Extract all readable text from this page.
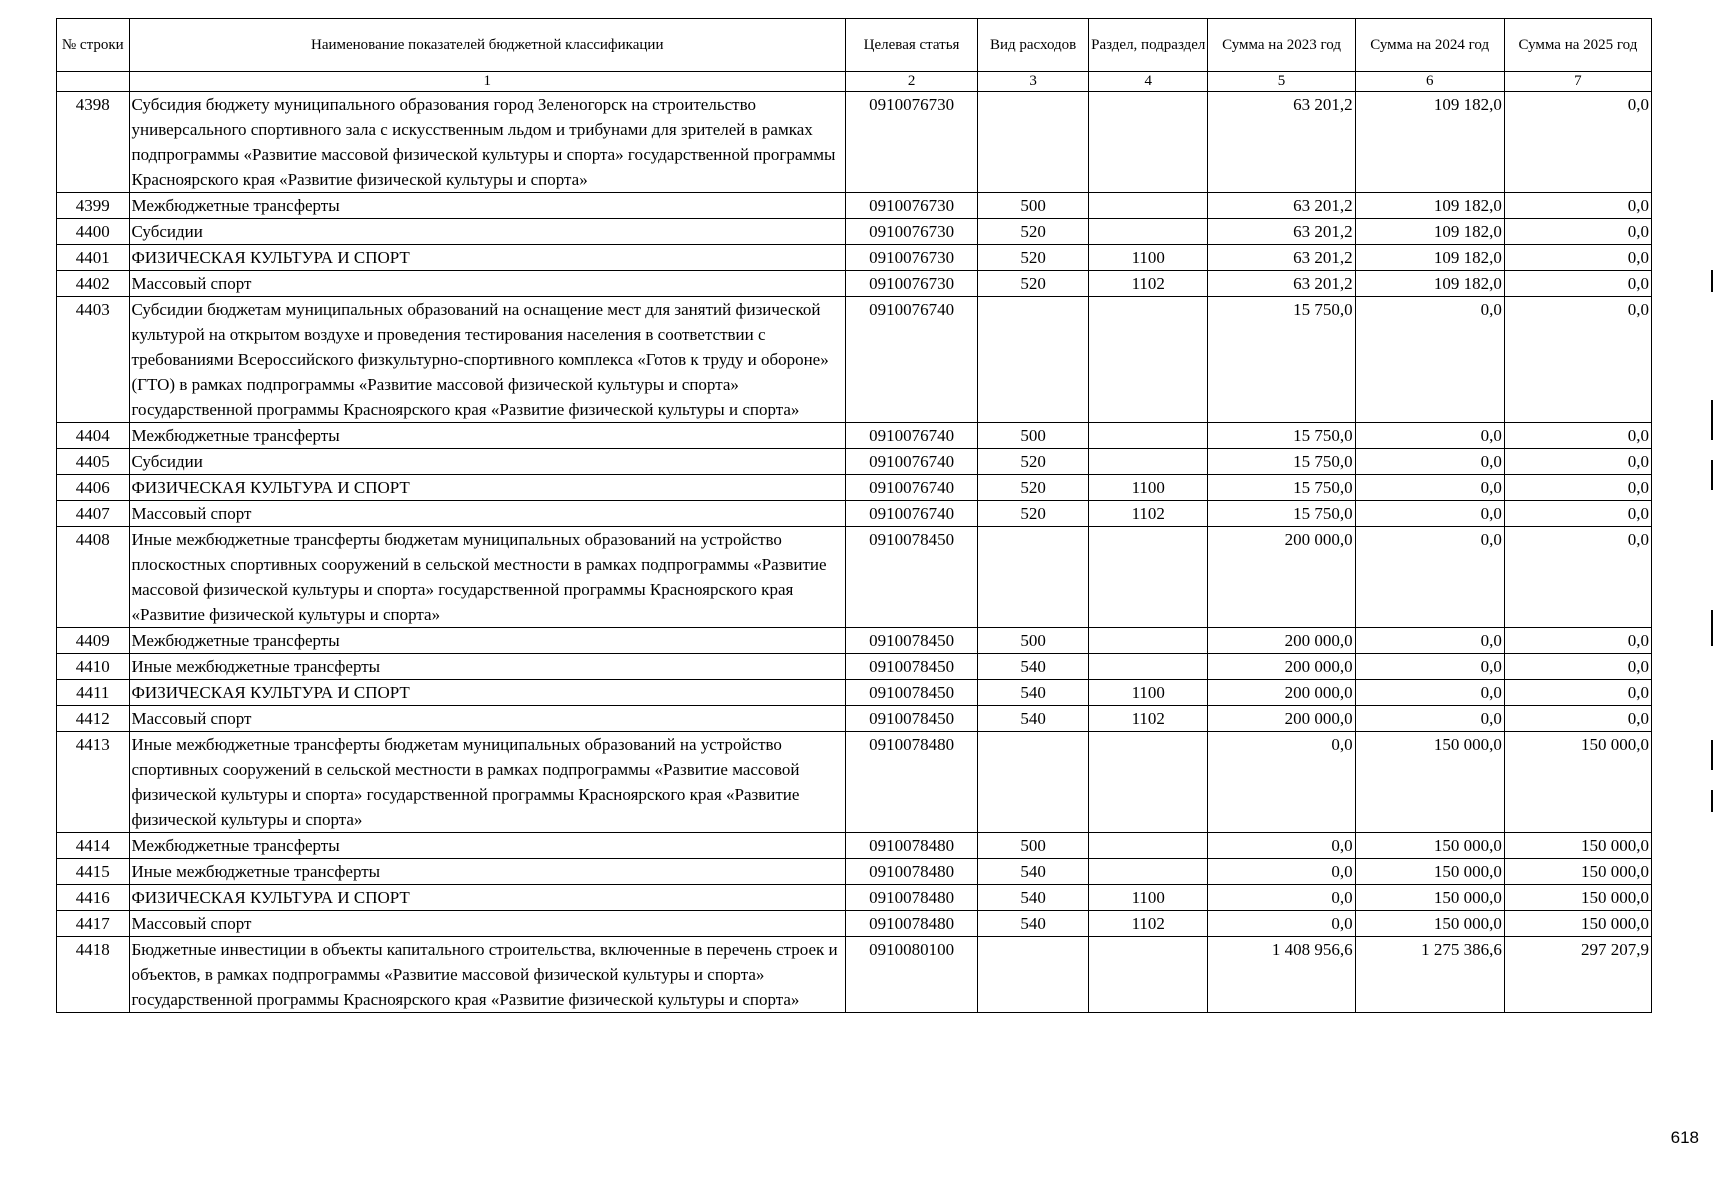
№ строки	Наименование показателей бюджетной классификации	Целевая статья	Вид расходов	Раздел, подраздел	Сумма на 2023 год	Сумма на 2024 год	Сумма на 2025 год
	1	2	3	4	5	6	7
4398	Субсидия бюджету муниципального образования город Зеленогорск на строительство универсального спортивного зала с искусственным льдом и трибунами для зрителей в рамках подпрограммы «Развитие массовой физической культуры и спорта» государственной программы Красноярского края «Развитие физической культуры и спорта»	0910076730			63 201,2	109 182,0	0,0
4399	Межбюджетные трансферты	0910076730	500		63 201,2	109 182,0	0,0
4400	Субсидии	0910076730	520		63 201,2	109 182,0	0,0
4401	ФИЗИЧЕСКАЯ КУЛЬТУРА И СПОРТ	0910076730	520	1100	63 201,2	109 182,0	0,0
4402	Массовый спорт	0910076730	520	1102	63 201,2	109 182,0	0,0
4403	Субсидии бюджетам муниципальных образований на оснащение мест для занятий физической культурой на открытом воздухе и проведения тестирования населения в соответствии с требованиями Всероссийского физкультурно-спортивного комплекса «Готов к труду и обороне» (ГТО) в рамках подпрограммы «Развитие массовой физической культуры и спорта» государственной программы Красноярского края «Развитие физической культуры и спорта»	0910076740			15 750,0	0,0	0,0
4404	Межбюджетные трансферты	0910076740	500		15 750,0	0,0	0,0
4405	Субсидии	0910076740	520		15 750,0	0,0	0,0
4406	ФИЗИЧЕСКАЯ КУЛЬТУРА И СПОРТ	0910076740	520	1100	15 750,0	0,0	0,0
4407	Массовый спорт	0910076740	520	1102	15 750,0	0,0	0,0
4408	Иные межбюджетные трансферты бюджетам муниципальных образований на устройство плоскостных спортивных сооружений в сельской местности в рамках подпрограммы «Развитие массовой физической культуры и спорта» государственной программы Красноярского края «Развитие физической культуры и спорта»	0910078450			200 000,0	0,0	0,0
4409	Межбюджетные трансферты	0910078450	500		200 000,0	0,0	0,0
4410	Иные межбюджетные трансферты	0910078450	540		200 000,0	0,0	0,0
4411	ФИЗИЧЕСКАЯ КУЛЬТУРА И СПОРТ	0910078450	540	1100	200 000,0	0,0	0,0
4412	Массовый спорт	0910078450	540	1102	200 000,0	0,0	0,0
4413	Иные межбюджетные трансферты бюджетам муниципальных образований на устройство спортивных сооружений в сельской местности в рамках подпрограммы «Развитие массовой физической культуры и спорта» государственной программы Красноярского края «Развитие физической культуры и спорта»	0910078480			0,0	150 000,0	150 000,0
4414	Межбюджетные трансферты	0910078480	500		0,0	150 000,0	150 000,0
4415	Иные межбюджетные трансферты	0910078480	540		0,0	150 000,0	150 000,0
4416	ФИЗИЧЕСКАЯ КУЛЬТУРА И СПОРТ	0910078480	540	1100	0,0	150 000,0	150 000,0
4417	Массовый спорт	0910078480	540	1102	0,0	150 000,0	150 000,0
4418	Бюджетные инвестиции в объекты капитального строительства, включенные в перечень строек и объектов, в рамках подпрограммы «Развитие массовой физической культуры и спорта» государственной программы Красноярского края «Развитие физической культуры и спорта»	0910080100			1 408 956,6	1 275 386,6	297 207,9
618
